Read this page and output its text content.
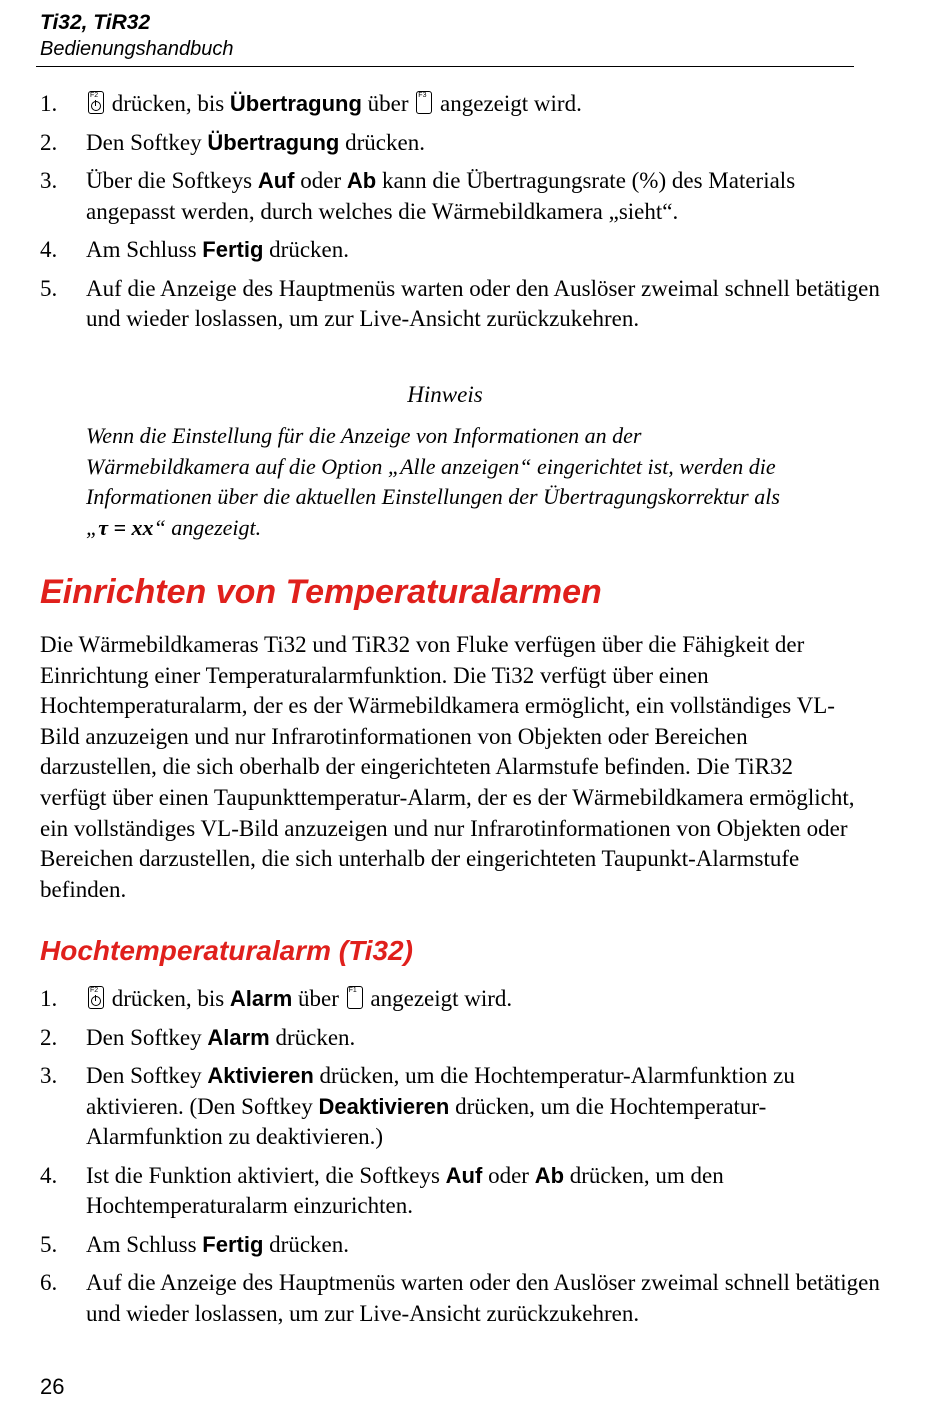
Ti32, TiR32
Bedienungshandbuch
1.	F2 drücken, bis Übertragung über F3 angezeigt wird.
2. Den Softkey Übertragung drücken.
3. Über die Softkeys Auf oder Ab kann die Übertragungsrate (%) des Materials angepasst werden, durch welches die Wärmebildkamera „sieht“.
4. Am Schluss Fertig drücken.
5. Auf die Anzeige des Hauptmenüs warten oder den Auslöser zweimal schnell betätigen und wieder loslassen, um zur Live-Ansicht zurückzukehren.
Hinweis
Wenn die Einstellung für die Anzeige von Informationen an der Wärmebildkamera auf die Option „Alle anzeigen“ eingerichtet ist, werden die Informationen über die aktuellen Einstellungen der Übertragungskorrektur als „τ = xx“ angezeigt.
Einrichten von Temperaturalarmen

Die Wärmebildkameras Ti32 und TiR32 von Fluke verfügen über die Fähigkeit der Einrichtung einer Temperaturalarmfunktion. Die Ti32 verfügt über einen Hochtemperaturalarm, der es der Wärmebildkamera ermöglicht, ein vollständiges VL-Bild anzuzeigen und nur Infrarotinformationen von Objekten oder Bereichen darzustellen, die sich oberhalb der eingerichteten Alarmstufe befinden. Die TiR32 verfügt über einen Taupunkttemperatur-Alarm, der es der Wärmebildkamera ermöglicht, ein vollständiges VL-Bild anzuzeigen und nur Infrarotinformationen von Objekten oder Bereichen darzustellen, die sich unterhalb der eingerichteten Taupunkt-Alarmstufe befinden.

Hochtemperaturalarm (Ti32)
1.	F2 drücken, bis Alarm über F1 angezeigt wird.
2. Den Softkey Alarm drücken.
3. Den Softkey Aktivieren drücken, um die Hochtemperatur-Alarmfunktion zu aktivieren. (Den Softkey Deaktivieren drücken, um die Hochtemperatur-Alarmfunktion zu deaktivieren.)
4. Ist die Funktion aktiviert, die Softkeys Auf oder Ab drücken, um den Hochtemperaturalarm einzurichten.
5. Am Schluss Fertig drücken.
6. Auf die Anzeige des Hauptmenüs warten oder den Auslöser zweimal schnell betätigen und wieder loslassen, um zur Live-Ansicht zurückzukehren.
26
